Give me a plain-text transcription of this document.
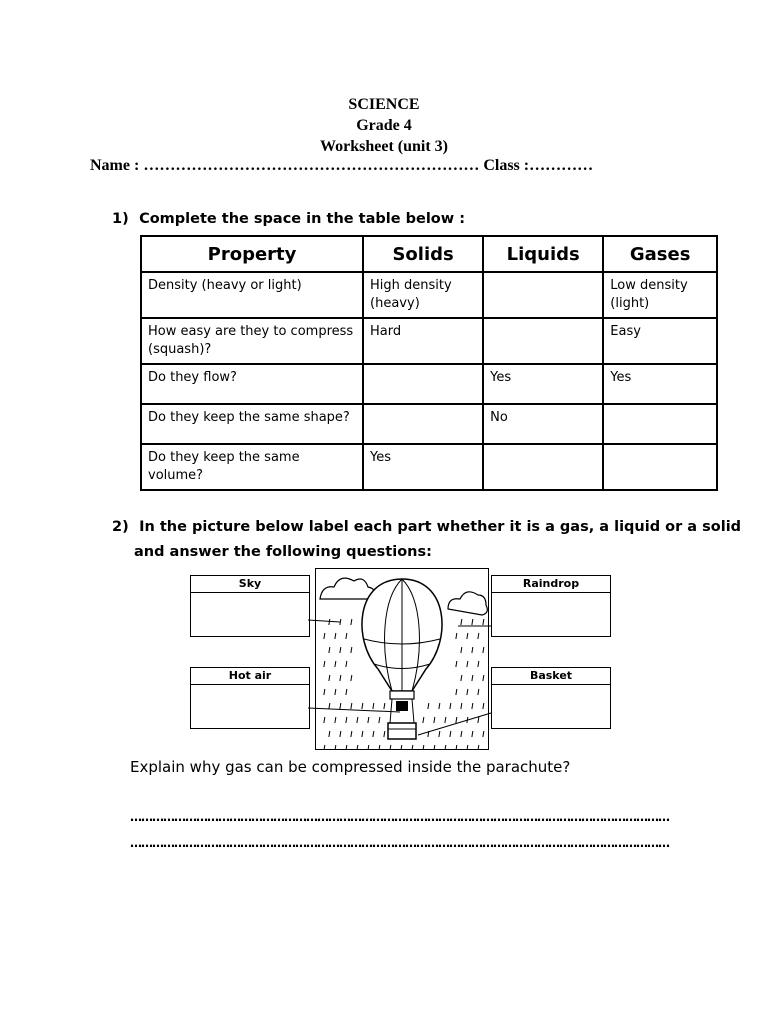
SCIENCE
Grade 4
Worksheet (unit 3)
Name : ……………………………………………………… Class :…………
1) Complete the space in the table below :
Property	Solids	Liquids	Gases
Density (heavy or light)	High density (heavy)		Low density (light)
How easy are they to compress (squash)?	Hard		Easy
Do they flow?		Yes	Yes
Do they keep the same shape?		No	
Do they keep the same volume?	Yes		
2) In the picture below label each part whether it is a gas, a liquid or a solid
and answer the following questions:
Sky	Raindrop
Hot air	Basket
Explain why gas can be compressed inside the parachute?
…………………………………………………………………………………………………………………………………
…………………………………………………………………………………………………………………………………
